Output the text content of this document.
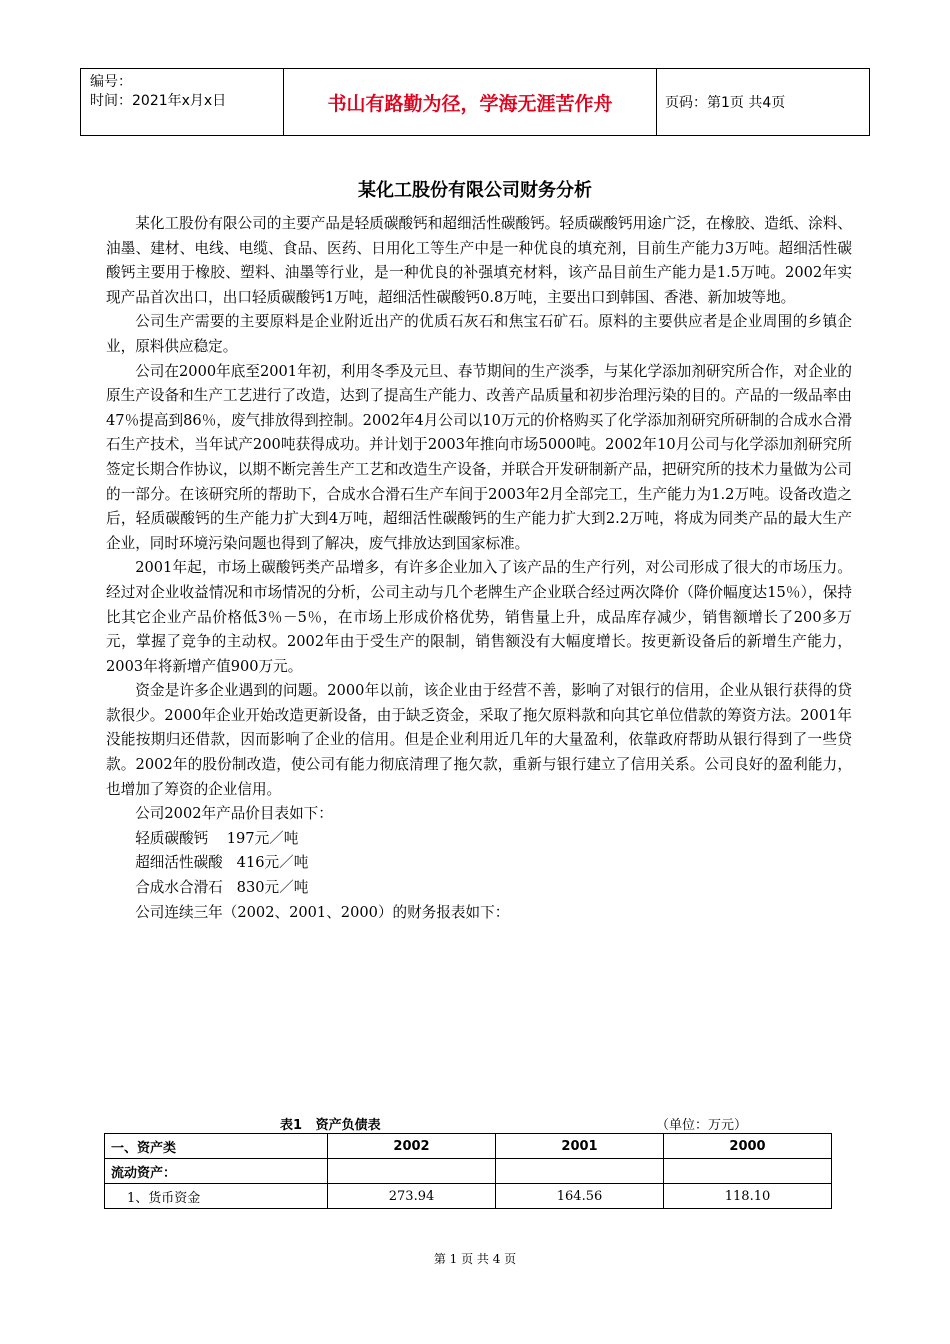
编号：
时间：2021年x月x日	书山有路勤为径，学海无涯苦作舟	页码：第1页 共4页
某化工股份有限公司财务分析

某化工股份有限公司的主要产品是轻质碳酸钙和超细活性碳酸钙。轻质碳酸钙用途广泛，在橡胶、造纸、涂料、油墨、建材、电线、电缆、食品、医药、日用化工等生产中是一种优良的填充剂，目前生产能力3万吨。超细活性碳酸钙主要用于橡胶、塑料、油墨等行业，是一种优良的补强填充材料，该产品目前生产能力是1.5万吨。2002年实现产品首次出口，出口轻质碳酸钙1万吨，超细活性碳酸钙0.8万吨，主要出口到韩国、香港、新加坡等地。

公司生产需要的主要原料是企业附近出产的优质石灰石和焦宝石矿石。原料的主要供应者是企业周围的乡镇企业，原料供应稳定。

公司在2000年底至2001年初，利用冬季及元旦、春节期间的生产淡季，与某化学添加剂研究所合作，对企业的原生产设备和生产工艺进行了改造，达到了提高生产能力、改善产品质量和初步治理污染的目的。产品的一级品率由47％提高到86％，废气排放得到控制。2002年4月公司以10万元的价格购买了化学添加剂研究所研制的合成水合滑石生产技术，当年试产200吨获得成功。并计划于2003年推向市场5000吨。2002年10月公司与化学添加剂研究所签定长期合作协议，以期不断完善生产工艺和改造生产设备，并联合开发研制新产品，把研究所的技术力量做为公司的一部分。在该研究所的帮助下，合成水合滑石生产车间于2003年2月全部完工，生产能力为1.2万吨。设备改造之后，轻质碳酸钙的生产能力扩大到4万吨，超细活性碳酸钙的生产能力扩大到2.2万吨，将成为同类产品的最大生产企业，同时环境污染问题也得到了解决，废气排放达到国家标准。

2001年起，市场上碳酸钙类产品增多，有许多企业加入了该产品的生产行列，对公司形成了很大的市场压力。经过对企业收益情况和市场情况的分析，公司主动与几个老牌生产企业联合经过两次降价（降价幅度达15％），保持比其它企业产品价格低3％－5％，在市场上形成价格优势，销售量上升，成品库存减少，销售额增长了200多万元，掌握了竞争的主动权。2002年由于受生产的限制，销售额没有大幅度增长。按更新设备后的新增生产能力，2003年将新增产值900万元。

资金是许多企业遇到的问题。2000年以前，该企业由于经营不善，影响了对银行的信用，企业从银行获得的贷款很少。2000年企业开始改造更新设备，由于缺乏资金，采取了拖欠原料款和向其它单位借款的筹资方法。2001年没能按期归还借款，因而影响了企业的信用。但是企业利用近几年的大量盈利，依靠政府帮助从银行得到了一些贷款。2002年的股份制改造，使公司有能力彻底清理了拖欠款，重新与银行建立了信用关系。公司良好的盈利能力，也增加了筹资的企业信用。

公司2002年产品价目表如下：

轻质碳酸钙    197元／吨

超细活性碳酸   416元／吨

合成水合滑石   830元／吨

公司连续三年（2002、2001、2000）的财务报表如下：

表1   资产负债表	（单位：万元）
一、资产类	2002	2001	2000
流动资产：			
1、货币资金	273.94	164.56	118.10
第 1 页 共 4 页
